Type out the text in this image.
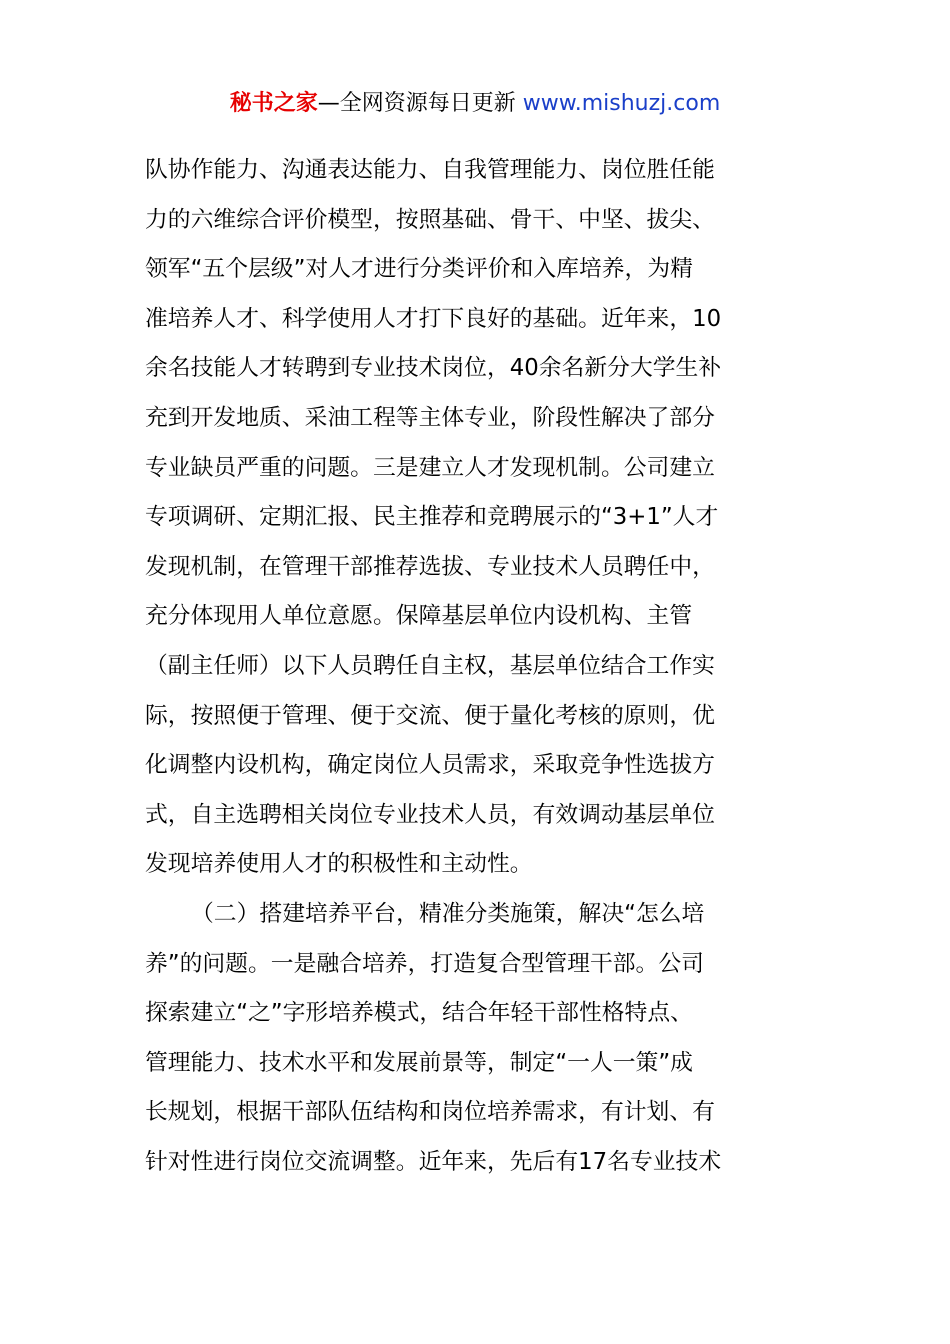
秘书之家—全网资源每日更新 www.mishuzj.com
队协作能力、沟通表达能力、自我管理能力、岗位胜任能
力的六维综合评价模型，按照基础、骨干、中坚、拔尖、
领军“五个层级”对人才进行分类评价和入库培养，为精
准培养人才、科学使用人才打下良好的基础。近年来，10
余名技能人才转聘到专业技术岗位，40余名新分大学生补
充到开发地质、采油工程等主体专业，阶段性解决了部分
专业缺员严重的问题。三是建立人才发现机制。公司建立
专项调研、定期汇报、民主推荐和竞聘展示的“3+1”人才
发现机制，在管理干部推荐选拔、专业技术人员聘任中，
充分体现用人单位意愿。保障基层单位内设机构、主管
（副主任师）以下人员聘任自主权，基层单位结合工作实
际，按照便于管理、便于交流、便于量化考核的原则，优
化调整内设机构，确定岗位人员需求，采取竞争性选拔方
式，自主选聘相关岗位专业技术人员，有效调动基层单位
发现培养使用人才的积极性和主动性。
（二）搭建培养平台，精准分类施策，解决“怎么培
养”的问题。一是融合培养，打造复合型管理干部。公司
探索建立“之”字形培养模式，结合年轻干部性格特点、
管理能力、技术水平和发展前景等，制定“一人一策”成
长规划，根据干部队伍结构和岗位培养需求，有计划、有
针对性进行岗位交流调整。近年来，先后有17名专业技术
